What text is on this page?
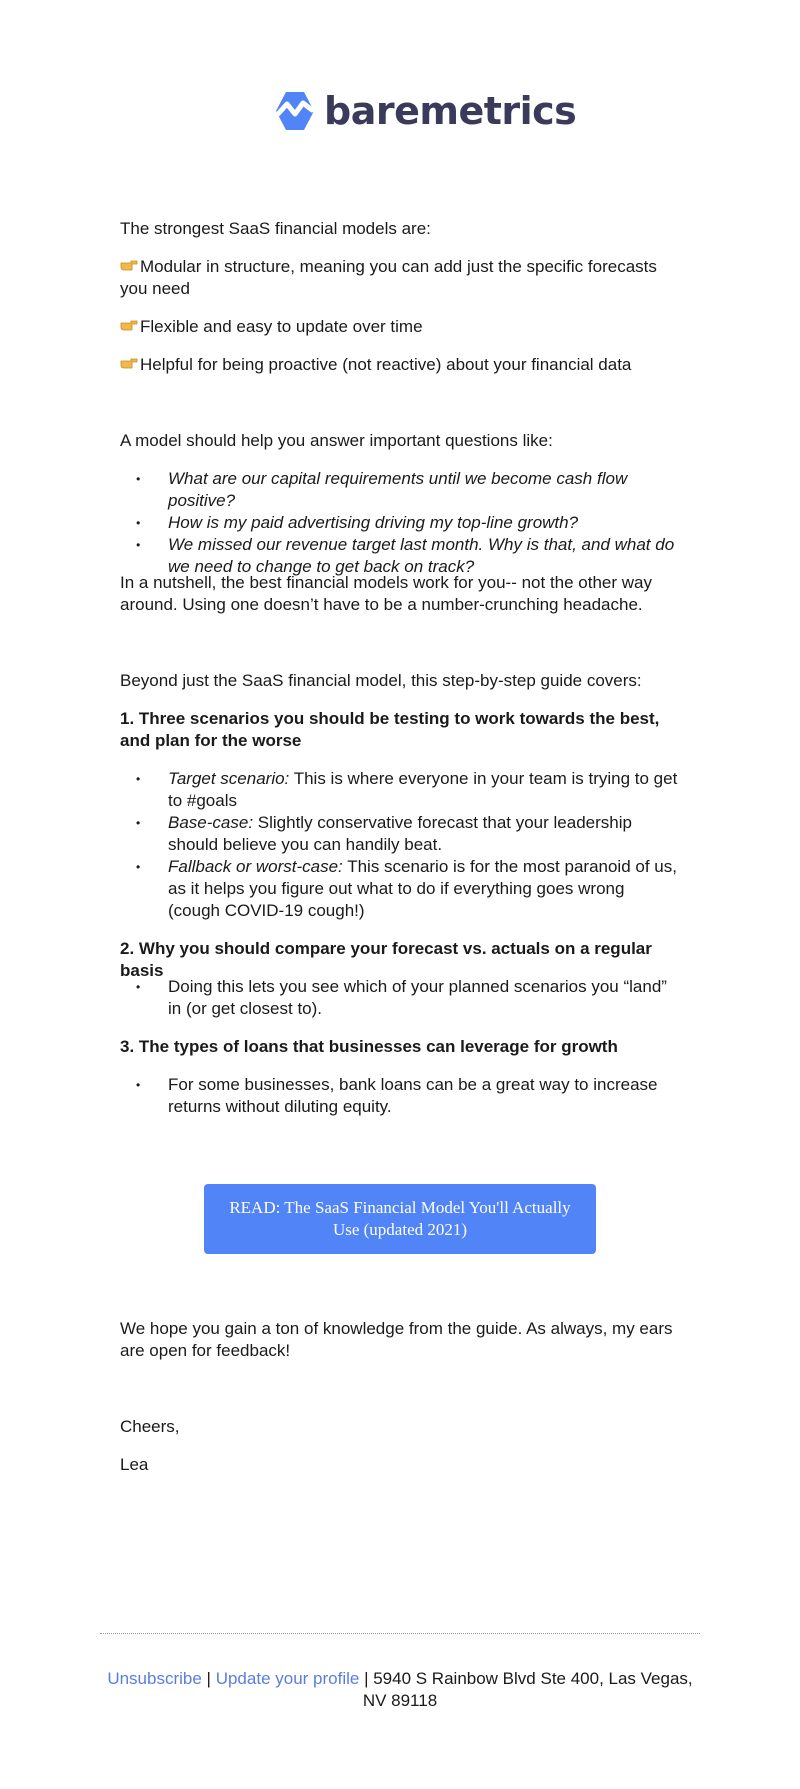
baremetrics

The strongest SaaS financial models are:

Modular in structure, meaning you can add just the specific forecasts you need

Flexible and easy to update over time

Helpful for being proactive (not reactive) about your financial data

A model should help you answer important questions like:

• What are our capital requirements until we become cash flow positive?
• How is my paid advertising driving my top-line growth?
• We missed our revenue target last month. Why is that, and what do we need to change to get back on track?

In a nutshell, the best financial models work for you-- not the other way around. Using one doesn’t have to be a number-crunching headache.

Beyond just the SaaS financial model, this step-by-step guide covers:

1. Three scenarios you should be testing to work towards the best, and plan for the worse

• Target scenario: This is where everyone in your team is trying to get to #goals
• Base-case: Slightly conservative forecast that your leadership should believe you can handily beat.
• Fallback or worst-case: This scenario is for the most paranoid of us, as it helps you figure out what to do if everything goes wrong (cough COVID-19 cough!)

2. Why you should compare your forecast vs. actuals on a regular basis

• Doing this lets you see which of your planned scenarios you “land” in (or get closest to).

3. The types of loans that businesses can leverage for growth

• For some businesses, bank loans can be a great way to increase returns without diluting equity.

We hope you gain a ton of knowledge from the guide. As always, my ears are open for feedback!

Cheers,

Lea

READ: The SaaS Financial Model You'll Actually Use (updated 2021)
Unsubscribe | Update your profile | 5940 S Rainbow Blvd Ste 400, Las Vegas, NV 89118
